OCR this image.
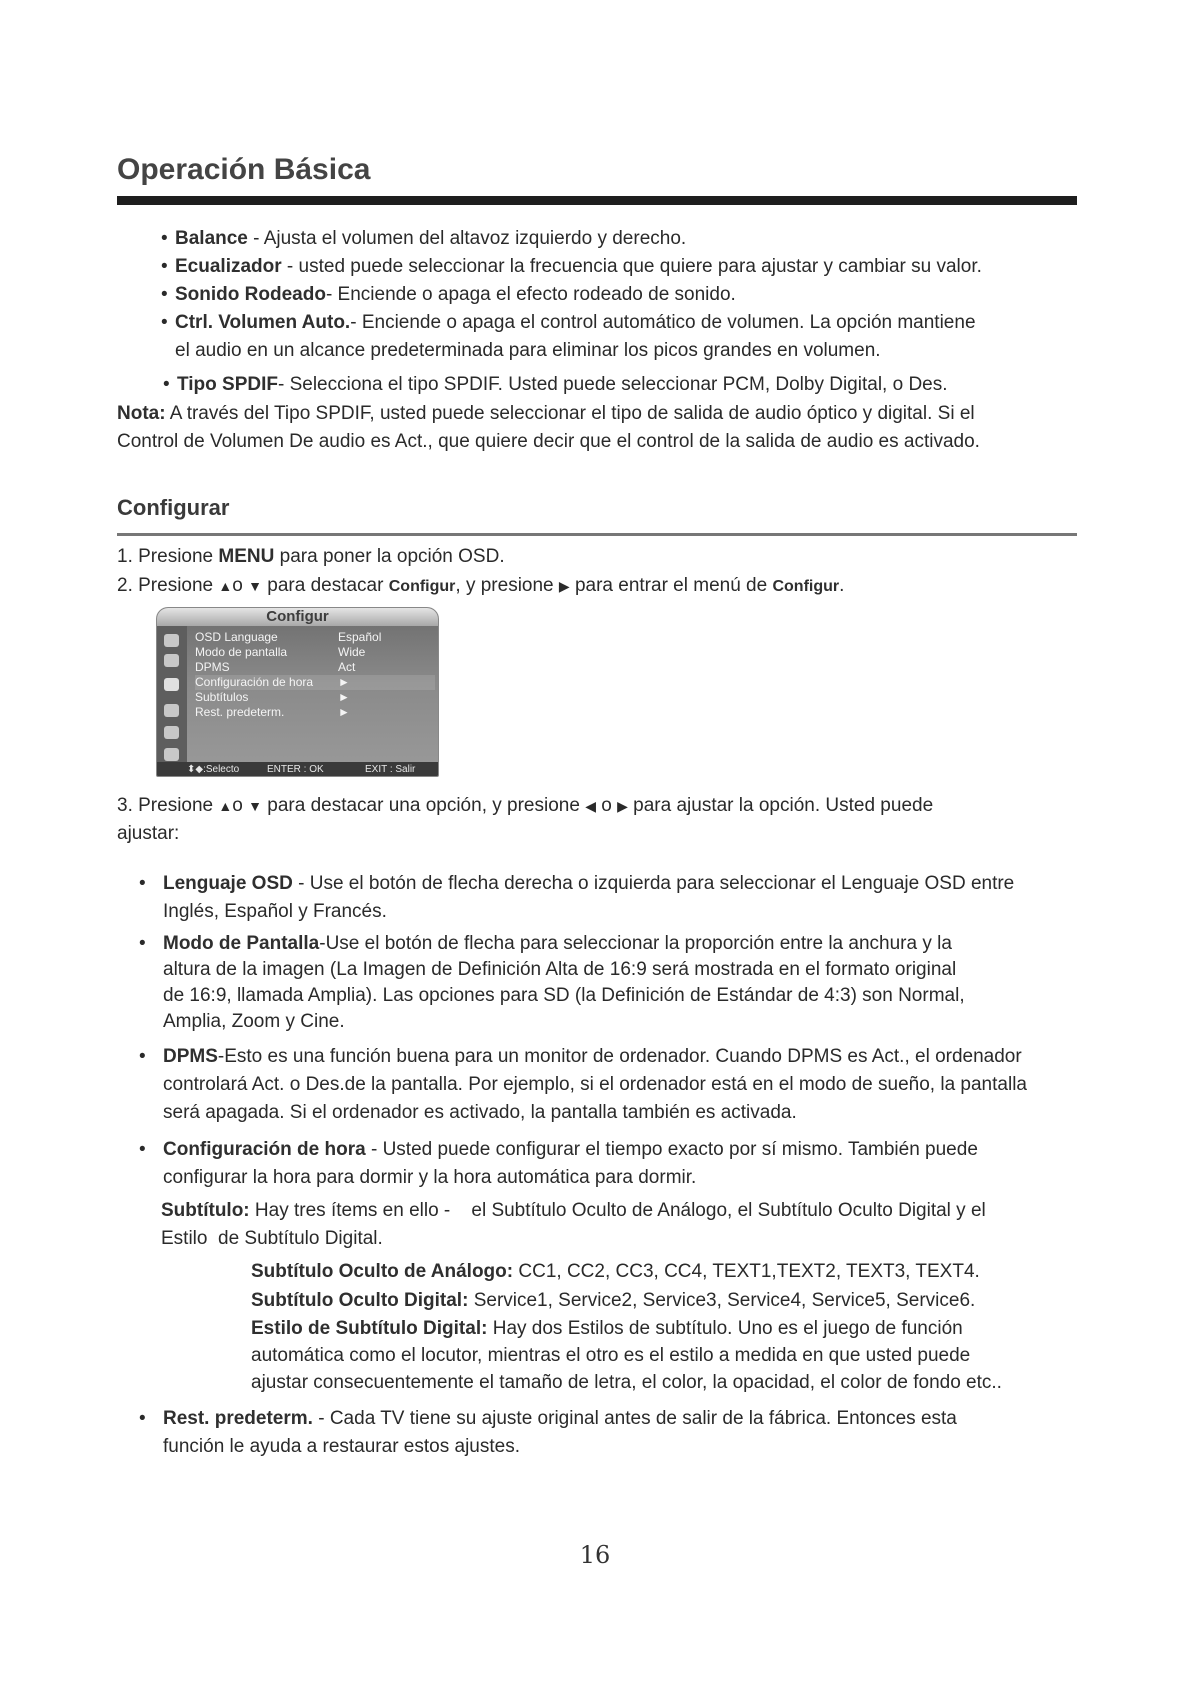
Operación Básica
• Balance - Ajusta el volumen del altavoz izquierdo y derecho.
• Ecualizador - usted puede seleccionar la frecuencia que quiere para ajustar y cambiar su valor.
• Sonido Rodeado- Enciende o apaga el efecto rodeado de sonido.
• Ctrl. Volumen Auto.- Enciende o apaga el control automático de volumen. La opción mantiene
el audio en un alcance predeterminada para eliminar los picos grandes en volumen.
• Tipo SPDIF- Selecciona el tipo SPDIF. Usted puede seleccionar PCM, Dolby Digital, o Des.
Nota: A través del Tipo SPDIF, usted puede seleccionar el tipo de salida de audio óptico y digital. Si el
Control de Volumen De audio es Act., que quiere decir que el control de la salida de audio es activado.
Configurar
1. Presione MENU para poner la opción OSD.
2. Presione ▲o ▼ para destacar Configur, y presione ▶ para entrar el menú de Configur.
Configur
OSD Language	Español
Modo de pantalla	Wide
DPMS	Act
Configuración de hora ►
Subtítulos	►
Rest. predeterm.	►
⬍◆:Selecto	ENTER : OK	EXIT : Salir
3. Presione ▲o ▼ para destacar una opción, y presione ◀ o ▶ para ajustar la opción. Usted puede
ajustar:
• Lenguaje OSD - Use el botón de flecha derecha o izquierda para seleccionar el Lenguaje OSD entre
Inglés, Español y Francés.
• Modo de Pantalla-Use el botón de flecha para seleccionar la proporción entre la anchura y la
altura de la imagen (La Imagen de Definición Alta de 16:9 será mostrada en el formato original
de 16:9, llamada Amplia). Las opciones para SD (la Definición de Estándar de 4:3) son Normal,
Amplia, Zoom y Cine.
• DPMS-Esto es una función buena para un monitor de ordenador. Cuando DPMS es Act., el ordenador
controlará Act. o Des.de la pantalla. Por ejemplo, si el ordenador está en el modo de sueño, la pantalla
será apagada. Si el ordenador es activado, la pantalla también es activada.
• Configuración de hora - Usted puede configurar el tiempo exacto por sí mismo. También puede
configurar la hora para dormir y la hora automática para dormir.
Subtítulo: Hay tres ítems en ello -    el Subtítulo Oculto de Análogo, el Subtítulo Oculto Digital y el
Estilo  de Subtítulo Digital.
Subtítulo Oculto de Análogo: CC1, CC2, CC3, CC4, TEXT1,TEXT2, TEXT3, TEXT4.
Subtítulo Oculto Digital: Service1, Service2, Service3, Service4, Service5, Service6.
Estilo de Subtítulo Digital: Hay dos Estilos de subtítulo. Uno es el juego de función
automática como el locutor, mientras el otro es el estilo a medida en que usted puede
ajustar consecuentemente el tamaño de letra, el color, la opacidad, el color de fondo etc..
• Rest. predeterm. - Cada TV tiene su ajuste original antes de salir de la fábrica. Entonces esta
función le ayuda a restaurar estos ajustes.
16
